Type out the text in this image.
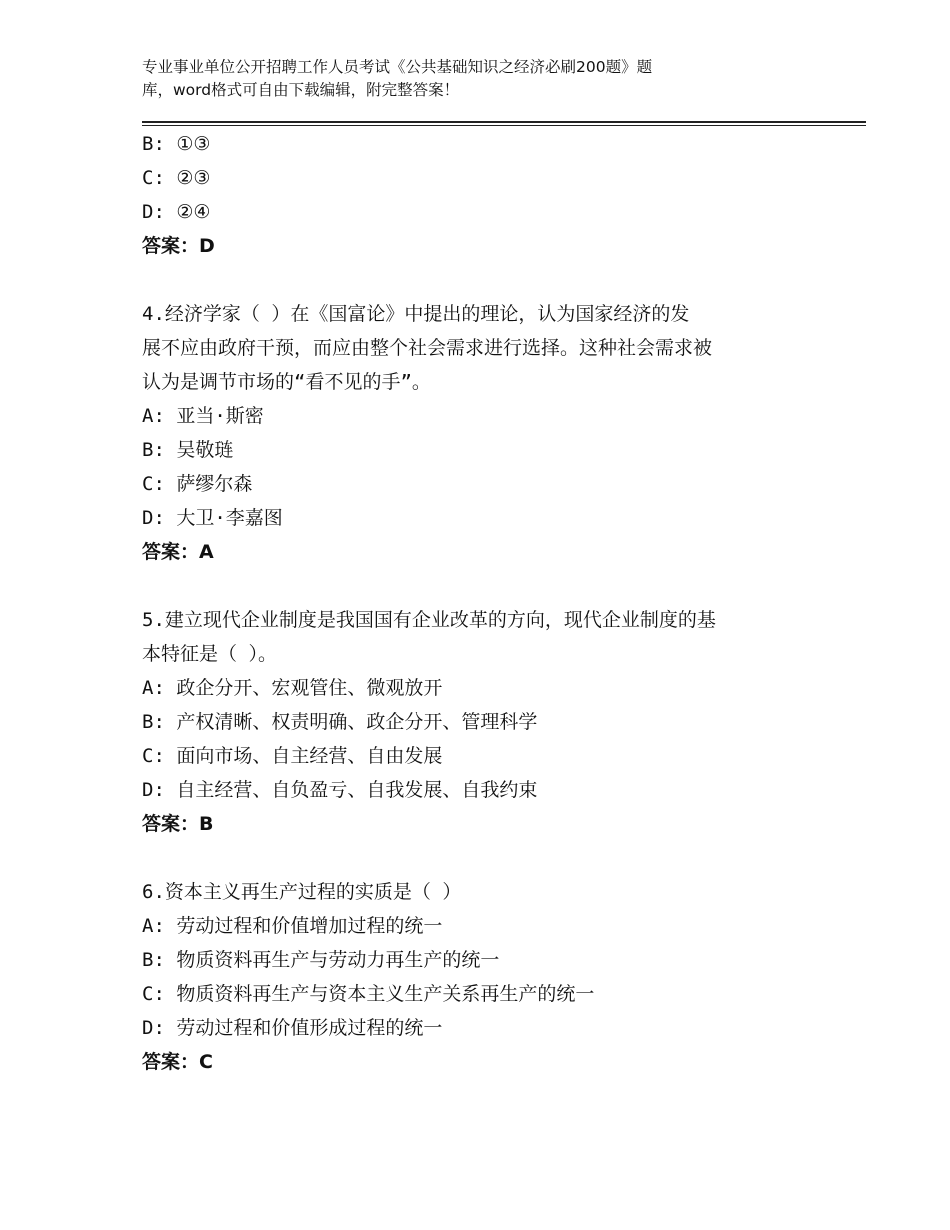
专业事业单位公开招聘工作人员考试《公共基础知识之经济必刷200题》题
库，word格式可自由下载编辑，附完整答案！
B: ①③
C: ②③
D: ②④
答案：D
4.经济学家（ ）在《国富论》中提出的理论，认为国家经济的发
展不应由政府干预，而应由整个社会需求进行选择。这种社会需求被
认为是调节市场的“看不见的手”。
A: 亚当·斯密
B: 吴敬琏
C: 萨缪尔森
D: 大卫·李嘉图
答案：A
5.建立现代企业制度是我国国有企业改革的方向，现代企业制度的基
本特征是（ ）。
A: 政企分开、宏观管住、微观放开
B: 产权清晰、权责明确、政企分开、管理科学
C: 面向市场、自主经营、自由发展
D: 自主经营、自负盈亏、自我发展、自我约束
答案：B
6.资本主义再生产过程的实质是（ ）
A: 劳动过程和价值增加过程的统一
B: 物质资料再生产与劳动力再生产的统一
C: 物质资料再生产与资本主义生产关系再生产的统一
D: 劳动过程和价值形成过程的统一
答案：C
